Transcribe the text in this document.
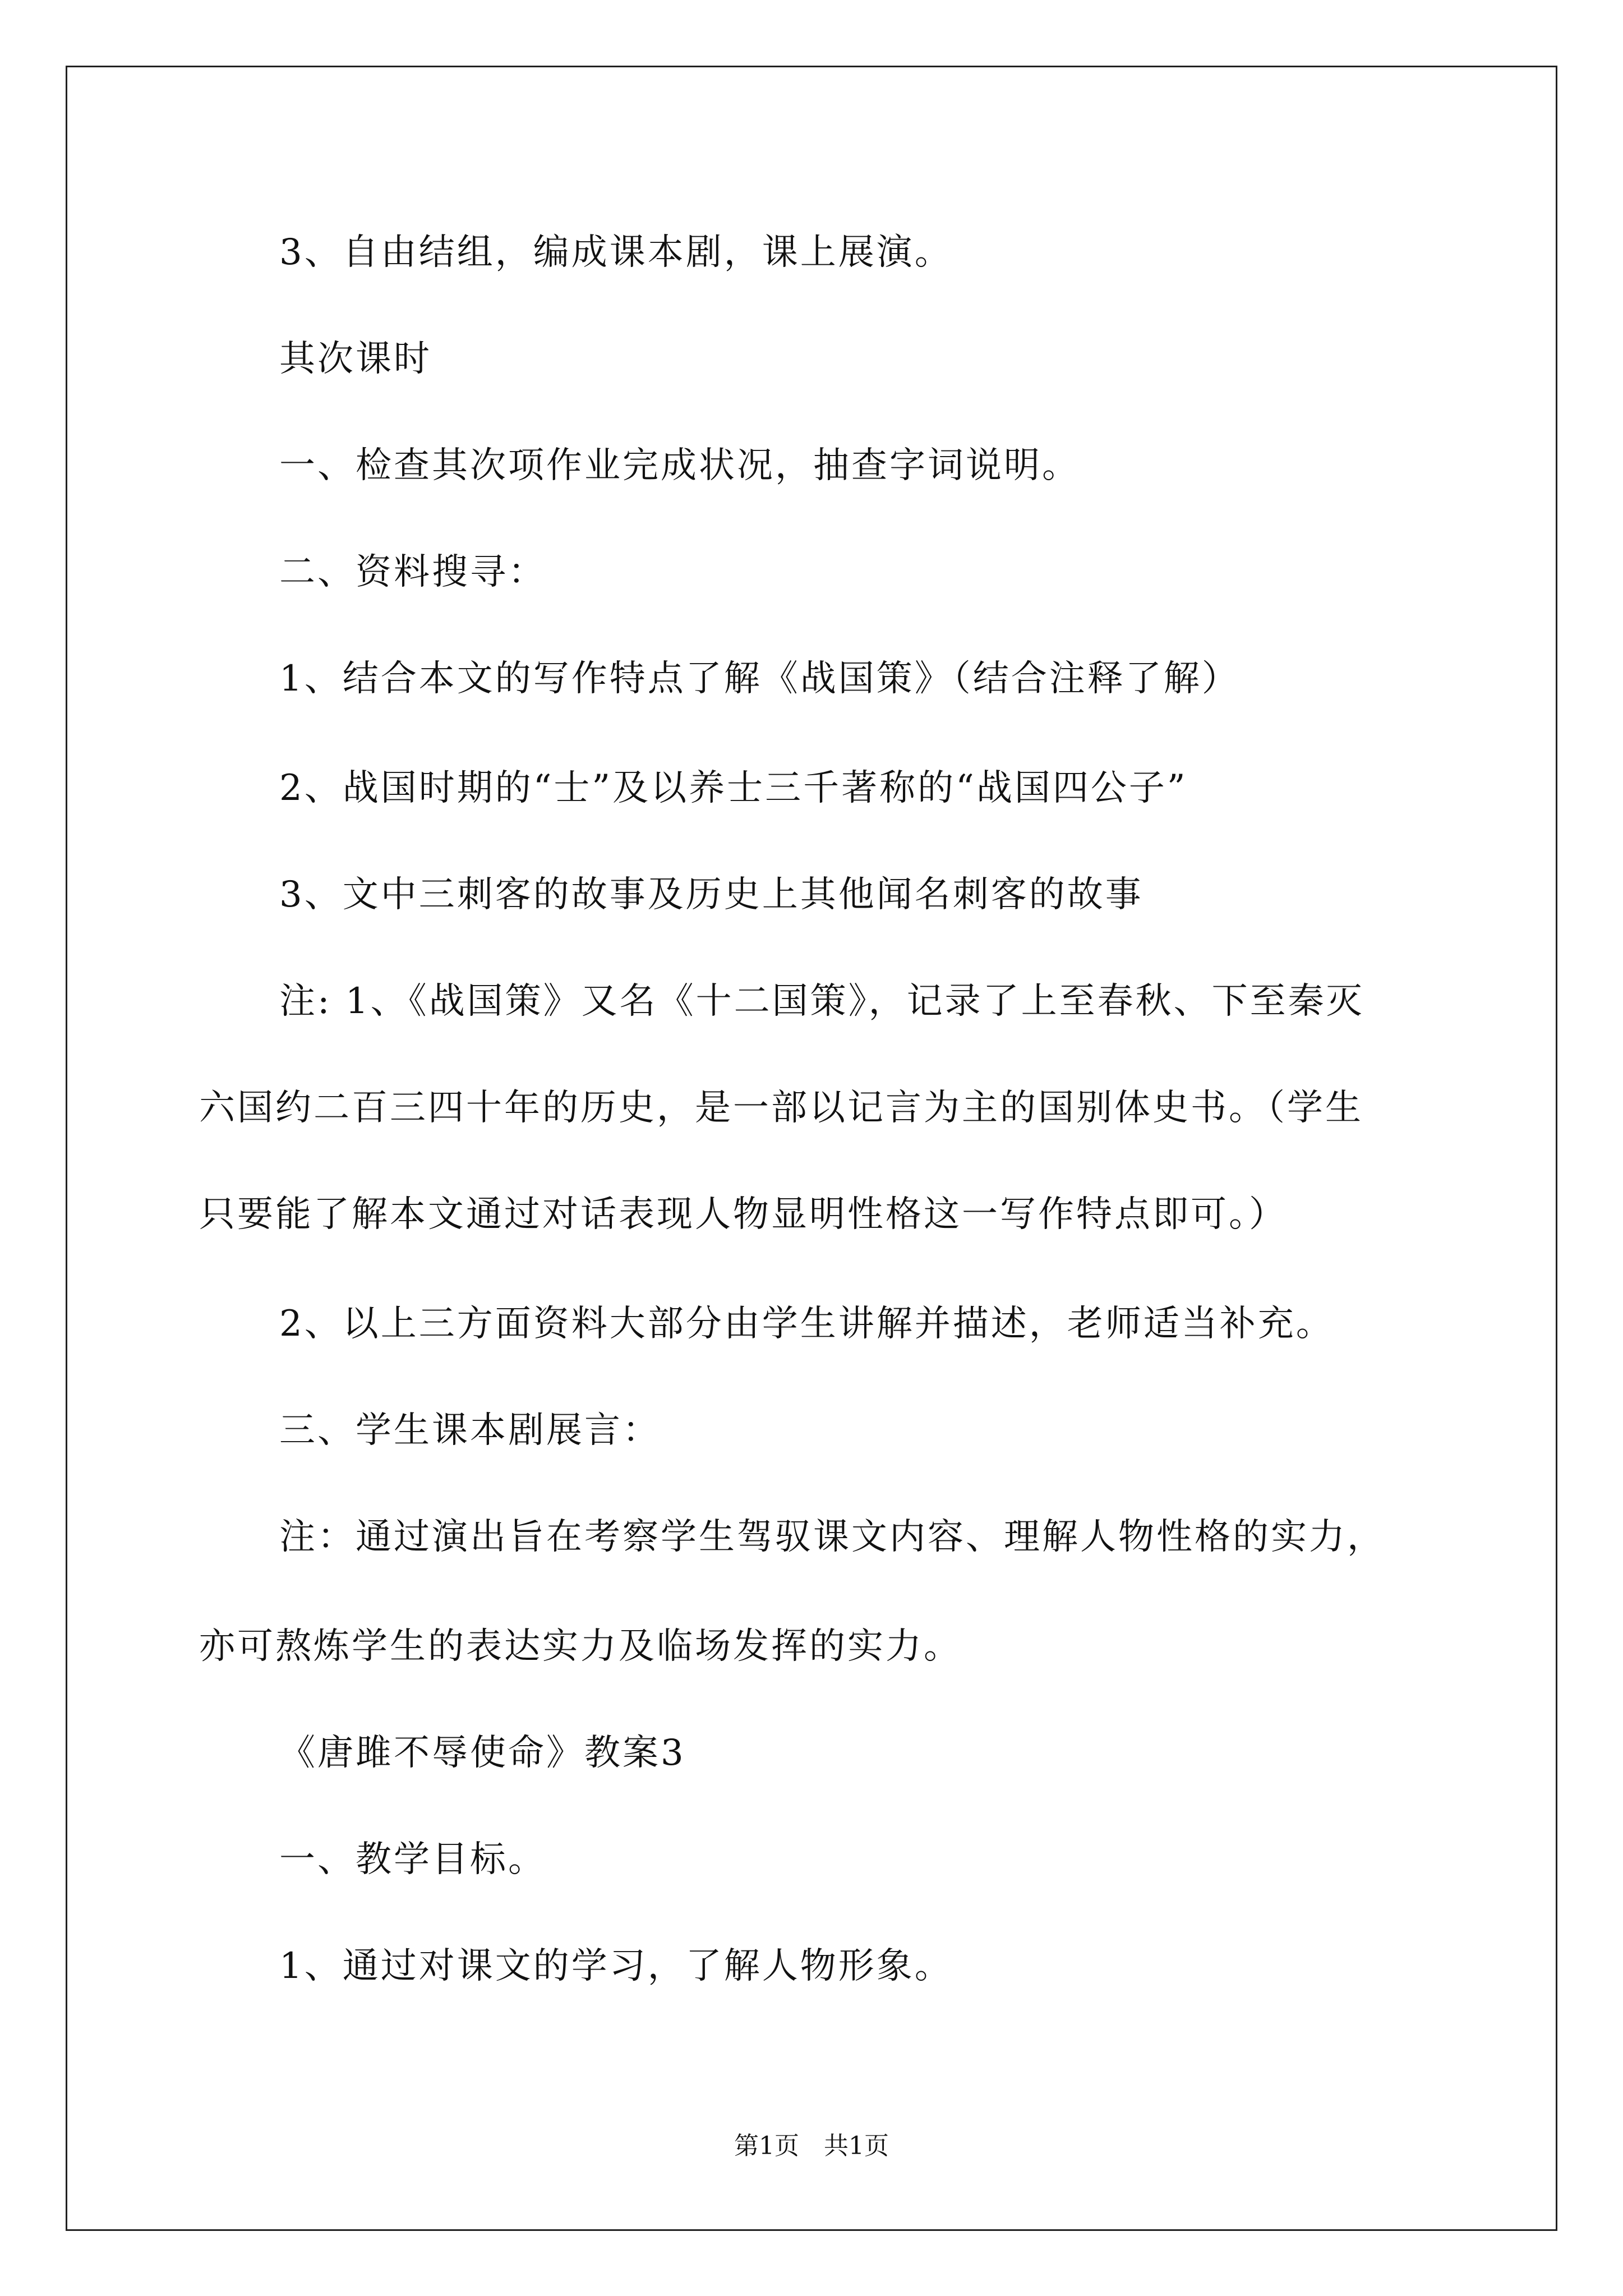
3、自由结组，编成课本剧，课上展演。

其次课时

一、检查其次项作业完成状况，抽查字词说明。

二、资料搜寻：

1、结合本文的写作特点了解《战国策》（结合注释了解）

2、战国时期的“士”及以养士三千著称的“战国四公子”

3、文中三刺客的故事及历史上其他闻名刺客的故事

注: 1、《战国策》又名《十二国策》，记录了上至春秋、下至秦灭

六国约二百三四十年的历史，是一部以记言为主的国别体史书。（学生

只要能了解本文通过对话表现人物显明性格这一写作特点即可。）

2、以上三方面资料大部分由学生讲解并描述，老师适当补充。

三、学生课本剧展言：

注：通过演出旨在考察学生驾驭课文内容、理解人物性格的实力，

亦可熬炼学生的表达实力及临场发挥的实力。

《唐雎不辱使命》教案3

一、教学目标。

1、通过对课文的学习，了解人物形象。

第1页　共1页
